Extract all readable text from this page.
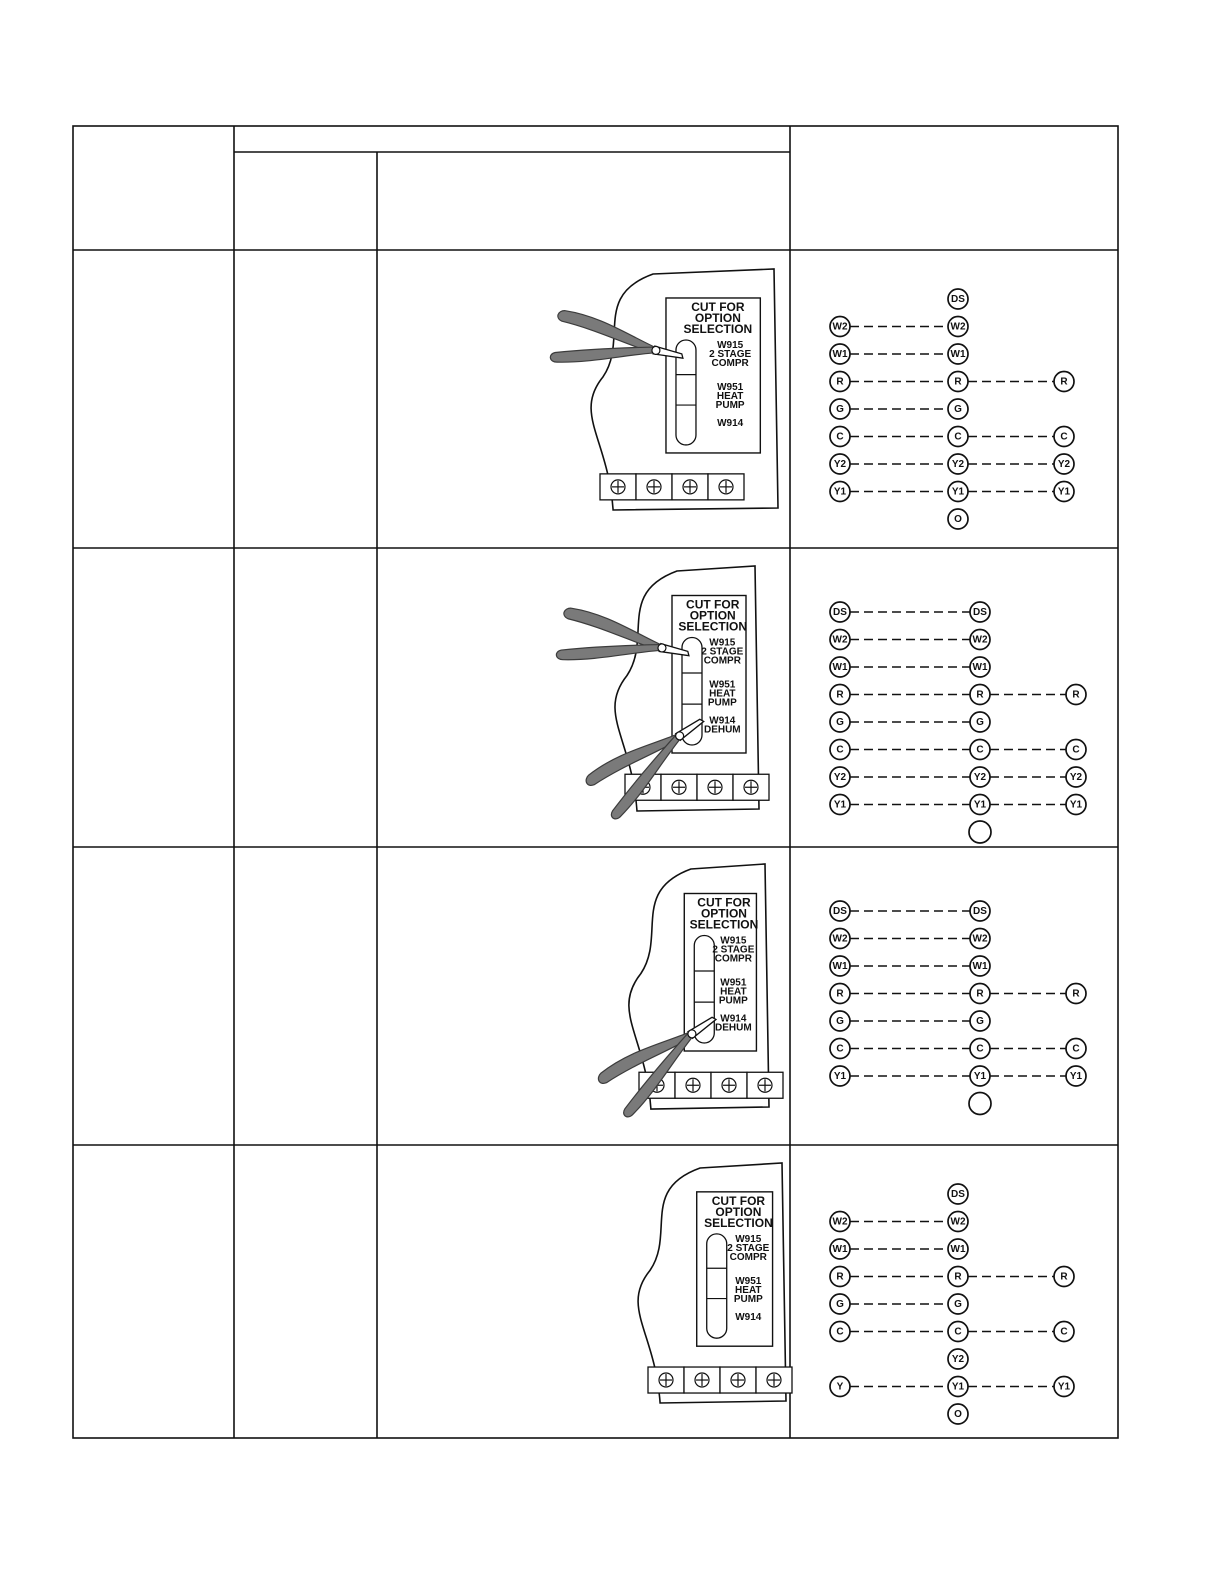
CUT FOR
OPTION
SELECTION
W915
2 STAGE
COMPR
W951
HEAT
PUMP
W914
DS
W2	W2
W1	W1
R	R	R
G	G
C	C	C
Y2	Y2	Y2
Y1	Y1	Y1
O
CUT FOR
OPTION
SELECTION
W915
2 STAGE
COMPR
W951
HEAT
PUMP
W914
DEHUM
DS	DS
W2	W2
W1	W1
R	R	R
G	G
C	C	C
Y2	Y2	Y2
Y1	Y1	Y1
CUT FOR
OPTION
SELECTION
W915
2 STAGE
COMPR
W951
HEAT
PUMP
W914
DEHUM
DS	DS
W2	W2
W1	W1
R	R	R
G	G
C	C	C
Y1	Y1	Y1
CUT FOR
OPTION
SELECTION
W915
2 STAGE
COMPR
W951
HEAT
PUMP
W914
DS
W2	W2
W1	W1
R	R	R
G	G
C	C	C
Y2
Y	Y1	Y1
O
